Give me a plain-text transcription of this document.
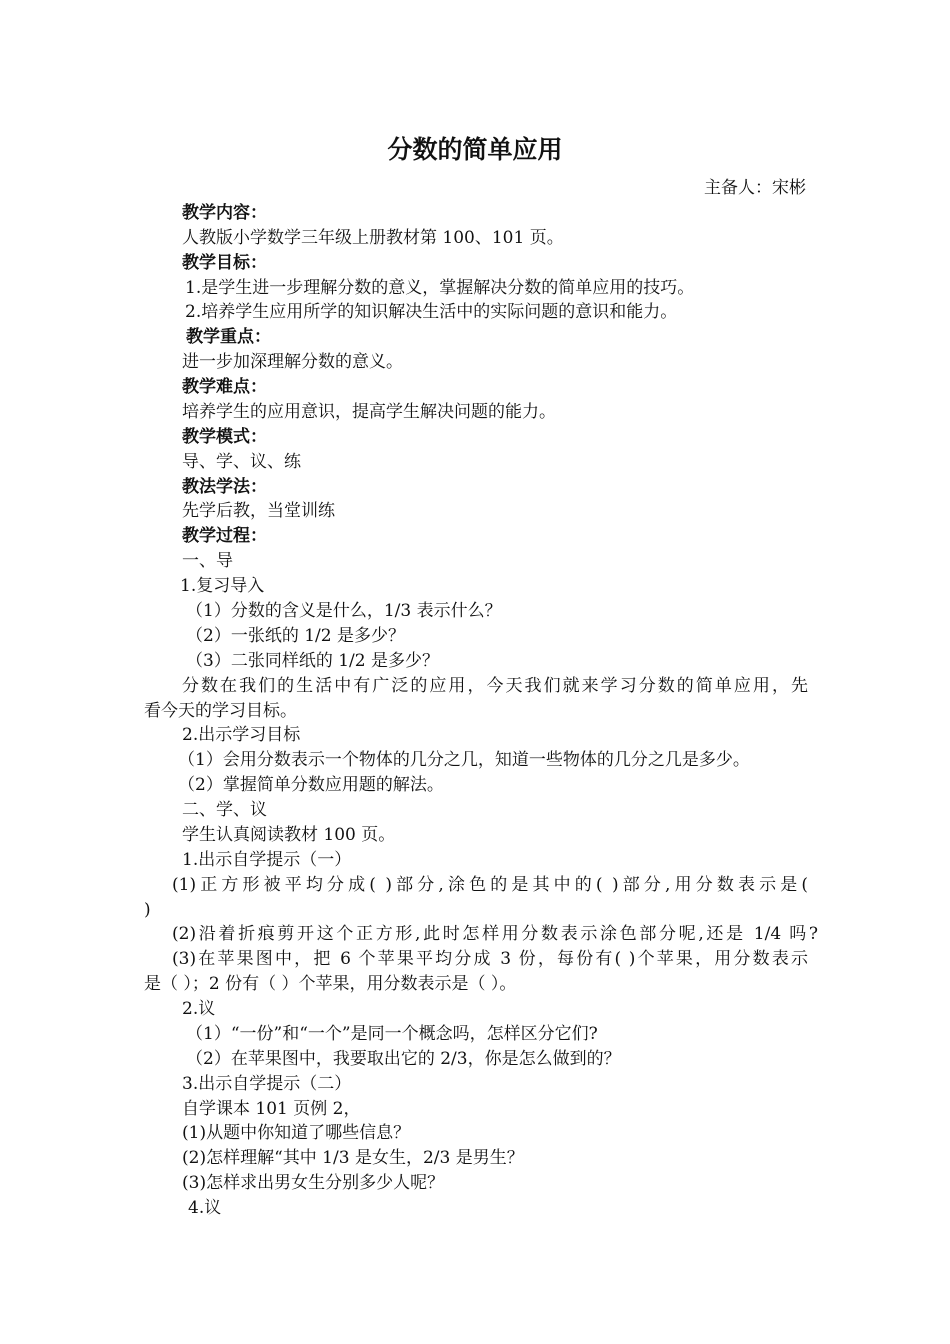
分数的简单应用
主备人：宋彬
教学内容：
人教版小学数学三年级上册教材第 100、101 页。
教学目标：
1.是学生进一步理解分数的意义，掌握解决分数的简单应用的技巧。
2.培养学生应用所学的知识解决生活中的实际问题的意识和能力。
教学重点：
进一步加深理解分数的意义。
教学难点：
培养学生的应用意识，提高学生解决问题的能力。
教学模式：
导、学、议、练
教法学法：
先学后教，当堂训练
教学过程：
一、导
1.复习导入
（1）分数的含义是什么，1/3 表示什么？
（2）一张纸的 1/2 是多少？
（3）二张同样纸的 1/2 是多少？
分数在我们的生活中有广泛的应用，今天我们就来学习分数的简单应用，先
看今天的学习目标。
2.出示学习目标
（1）会用分数表示一个物体的几分之几，知道一些物体的几分之几是多少。
（2）掌握简单分数应用题的解法。
二、学、议
学生认真阅读教材 100 页。
1.出示自学提示（一）
(1)正方形被平均分成( )部分,涂色的是其中的( )部分,用分数表示是(
)
(2)沿着折痕剪开这个正方形,此时怎样用分数表示涂色部分呢,还是 1/4 吗?
(3)在苹果图中，把 6 个苹果平均分成 3 份，每份有( )个苹果，用分数表示
是（ ）；2 份有（ ）个苹果，用分数表示是（ ）。
2.议
（1）“一份”和“一个”是同一个概念吗，怎样区分它们?
（2）在苹果图中，我要取出它的 2/3，你是怎么做到的？
3.出示自学提示（二）
自学课本 101 页例 2，
(1)从题中你知道了哪些信息？
(2)怎样理解“其中 1/3 是女生，2/3 是男生？
(3)怎样求出男女生分别多少人呢？
4.议
